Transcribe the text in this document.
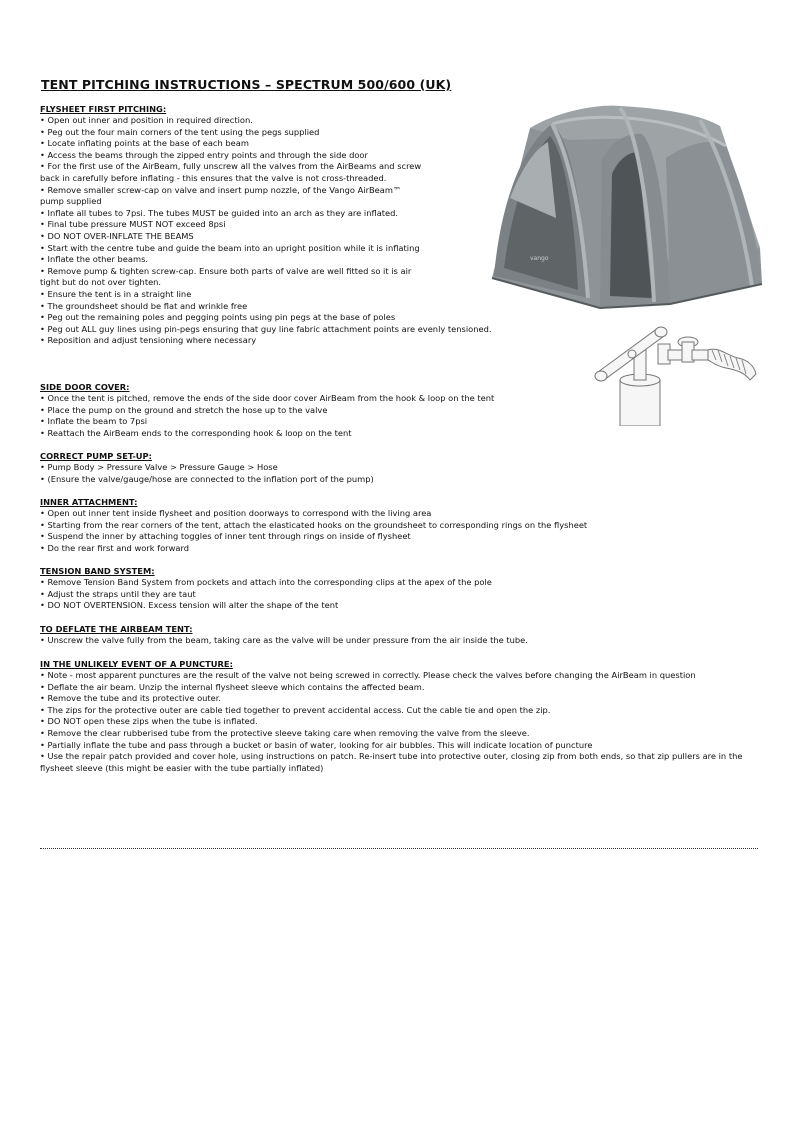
TENT PITCHING INSTRUCTIONS – SPECTRUM 500/600 (UK)
vango
FLYSHEET FIRST PITCHING:
• Open out inner and position in required direction.
• Peg out the four main corners of the tent using the pegs supplied
• Locate inflating points at the base of each beam
• Access the beams through the zipped entry points and through the side door
• For the first use of the AirBeam, fully unscrew all the valves from the AirBeams and screw back in carefully before inflating - this ensures that the valve is not cross-threaded.
• Remove smaller screw-cap on valve and insert pump nozzle, of the Vango AirBeam™ pump supplied
• Inflate all tubes to 7psi. The tubes MUST be guided into an arch as they are inflated.
• Final tube pressure MUST NOT exceed 8psi
• DO NOT OVER-INFLATE THE BEAMS
• Start with the centre tube and guide the beam into an upright position while it is inflating
• Inflate the other beams.
• Remove pump & tighten screw-cap. Ensure both parts of valve are well fitted so it is air tight but do not over tighten.
• Ensure the tent is in a straight line
• The groundsheet should be flat and wrinkle free
• Peg out the remaining poles and pegging points using pin pegs at the base of poles
• Peg out ALL guy lines using pin-pegs ensuring that guy line fabric attachment points are evenly tensioned.
• Reposition and adjust tensioning where necessary
SIDE DOOR COVER:
• Once the tent is pitched, remove the ends of the side door cover AirBeam from the hook & loop on the tent
• Place the pump on the ground and stretch the hose up to the valve
• Inflate the beam to 7psi
• Reattach the AirBeam ends to the corresponding hook & loop on the tent
CORRECT PUMP SET-UP:
• Pump Body > Pressure Valve > Pressure Gauge > Hose
• (Ensure the valve/gauge/hose are connected to the inflation port of the pump)
INNER ATTACHMENT:
• Open out inner tent inside flysheet and position doorways to correspond with the living area
• Starting from the rear corners of the tent, attach the elasticated hooks on the groundsheet to corresponding rings on the flysheet
• Suspend the inner by attaching toggles of inner tent through rings on inside of flysheet
• Do the rear first and work forward
TENSION BAND SYSTEM:
• Remove Tension Band System from pockets and attach into the corresponding clips at the apex of the pole
• Adjust the straps until they are taut
• DO NOT OVERTENSION. Excess tension will alter the shape of the tent
TO DEFLATE THE AIRBEAM TENT:
• Unscrew the valve fully from the beam, taking care as the valve will be under pressure from the air inside the tube.
IN THE UNLIKELY EVENT OF A PUNCTURE:
• Note - most apparent punctures are the result of the valve not being screwed in correctly. Please check the valves before changing the AirBeam in question
• Deflate the air beam. Unzip the internal flysheet sleeve which contains the affected beam.
• Remove the tube and its protective outer.
• The zips for the protective outer are cable tied together to prevent accidental access. Cut the cable tie and open the zip.
• DO NOT open these zips when the tube is inflated.
• Remove the clear rubberised tube from the protective sleeve taking care when removing the valve from the sleeve.
• Partially inflate the tube and pass through a bucket or basin of water, looking for air bubbles. This will indicate location of puncture
• Use the repair patch provided and cover hole, using instructions on patch. Re-insert tube into protective outer, closing zip from both ends, so that zip pullers are in the flysheet sleeve (this might be easier with the tube partially inflated)
